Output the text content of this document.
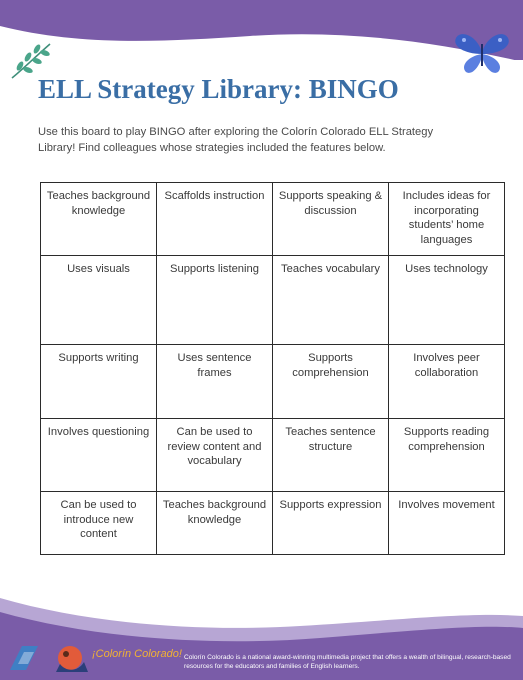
ELL Strategy Library: BINGO

Use this board to play BINGO after exploring the Colorín Colorado ELL Strategy Library! Find colleagues whose strategies included the features below.

Teaches background knowledge	Scaffolds instruction	Supports speaking & discussion	Includes ideas for incorporating students’ home languages

Uses visuals	Supports listening	Teaches vocabulary	Uses technology

Supports writing	Uses sentence frames	Supports comprehension	Involves peer collaboration

Involves questioning	Can be used to review content and vocabulary	Teaches sentence structure	Supports reading comprehension

Can be used to introduce new content	Teaches background knowledge	Supports expression	Involves movement
¡Colorín Colorado! Colorín Colorado is a national award-winning multimedia project that offers a wealth of bilingual, research-based resources for the educators and families of English learners.
